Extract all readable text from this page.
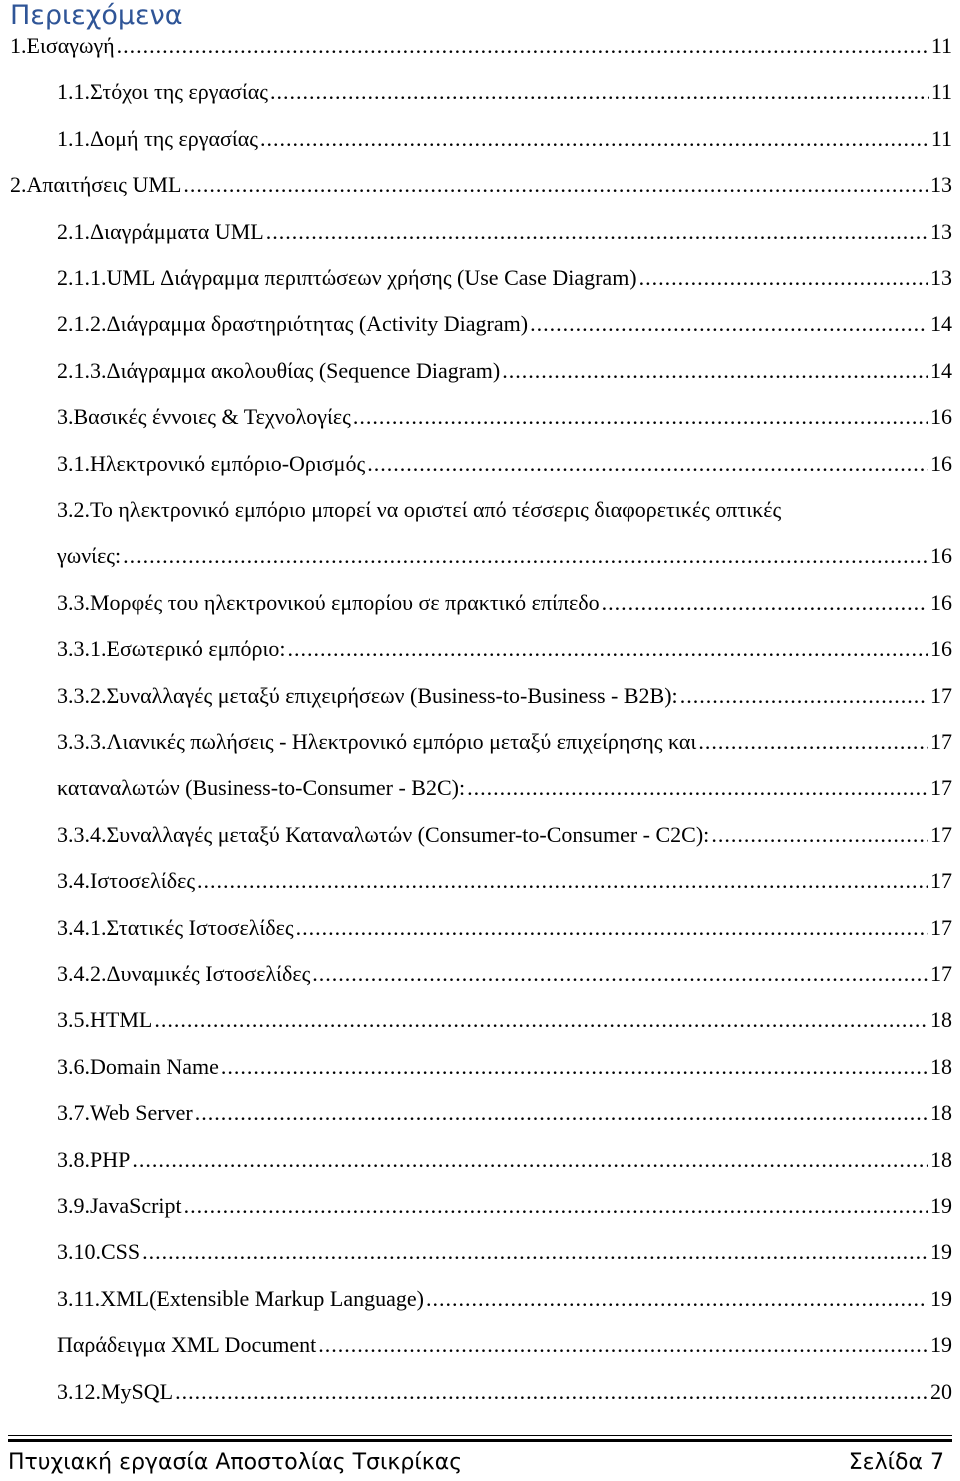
Περιεχόμενα
1.Εισαγωγή .....	11
1.1.Στόχοι της εργασίας .....	11
1.1.Δομή της εργασίας .....	11
2.Απαιτήσεις UML .....	13
2.1.Διαγράμματα UML .....	13
2.1.1.UML Διάγραμμα περιπτώσεων χρήσης (Use Case Diagram) .....	13
2.1.2.Διάγραμμα δραστηριότητας (Activity Diagram) .....	14
2.1.3.Διάγραμμα ακολουθίας (Sequence Diagram) .....	14
3.Βασικές έννοιες & Τεχνολογίες .....	16
3.1.Ηλεκτρονικό εμπόριο-Ορισμός .....	16
3.2.Το ηλεκτρονικό εμπόριο μπορεί να οριστεί από τέσσερις διαφορετικές οπτικές
γωνίες: .....	16
3.3.Μορφές του ηλεκτρονικού εμπορίου σε πρακτικό επίπεδο .....	16
3.3.1.Εσωτερικό εμπόριο: .....	16
3.3.2.Συναλλαγές μεταξύ επιχειρήσεων (Business-to-Business - B2B): .....	17
3.3.3.Λιανικές πωλήσεις - Ηλεκτρονικό εμπόριο μεταξύ επιχείρησης και .....	17
καταναλωτών (Business-to-Consumer - B2C): .....	17
3.3.4.Συναλλαγές μεταξύ Καταναλωτών (Consumer-to-Consumer - C2C): .....	17
3.4.Ιστοσελίδες .....	17
3.4.1.Στατικές Ιστοσελίδες .....	17
3.4.2.Δυναμικές Ιστοσελίδες .....	17
3.5.HTML .....	18
3.6.Domain Name .....	18
3.7.Web Server .....	18
3.8.PHP .....	18
3.9.JavaScript .....	19
3.10.CSS .....	19
3.11.XML(Extensible Markup Language) .....	19
Παράδειγμα XML Document .....	19
3.12.MySQL .....	20
Πτυχιακή εργασία Αποστολίας Τσικρίκας	Σελίδα 7
